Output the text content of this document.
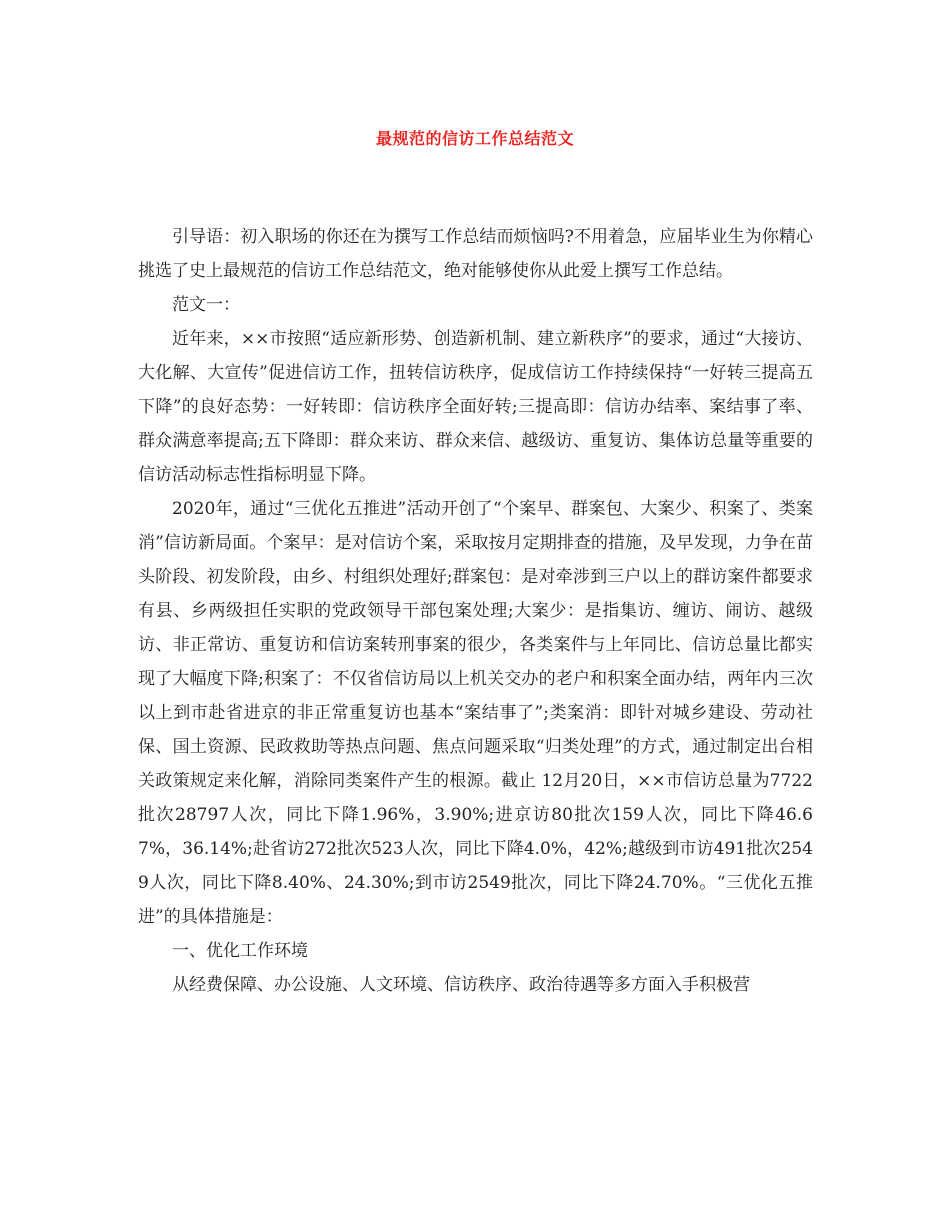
最规范的信访工作总结范文

引导语：初入职场的你还在为撰写工作总结而烦恼吗?不用着急，应届毕业生为你精心挑选了史上最规范的信访工作总结范文，绝对能够使你从此爱上撰写工作总结。

范文一：

近年来，××市按照“适应新形势、创造新机制、建立新秩序”的要求，通过“大接访、大化解、大宣传”促进信访工作，扭转信访秩序，促成信访工作持续保持“一好转三提高五下降”的良好态势：一好转即：信访秩序全面好转;三提高即：信访办结率、案结事了率、群众满意率提高;五下降即：群众来访、群众来信、越级访、重复访、集体访总量等重要的信访活动标志性指标明显下降。

2020年，通过“三优化五推进”活动开创了“个案早、群案包、大案少、积案了、类案消”信访新局面。个案早：是对信访个案，采取按月定期排查的措施，及早发现，力争在苗头阶段、初发阶段，由乡、村组织处理好;群案包：是对牵涉到三户以上的群访案件都要求有县、乡两级担任实职的党政领导干部包案处理;大案少：是指集访、缠访、闹访、越级访、非正常访、重复访和信访案转刑事案的很少，各类案件与上年同比、信访总量比都实现了大幅度下降;积案了：不仅省信访局以上机关交办的老户和积案全面办结，两年内三次以上到市赴省进京的非正常重复访也基本“案结事了”;类案消：即针对城乡建设、劳动社保、国土资源、民政救助等热点问题、焦点问题采取“归类处理”的方式，通过制定出台相关政策规定来化解，消除同类案件产生的根源。截止 12月20日，××市信访总量为7722批次28797人次，同比下降1.96%，3.90%;进京访80批次159人次，同比下降46.67%，36.14%;赴省访272批次523人次，同比下降4.0%，42%;越级到市访491批次2549人次，同比下降8.40%、24.30%;到市访2549批次，同比下降24.70%。“三优化五推进”的具体措施是：

一、优化工作环境

从经费保障、办公设施、人文环境、信访秩序、政治待遇等多方面入手积极营
